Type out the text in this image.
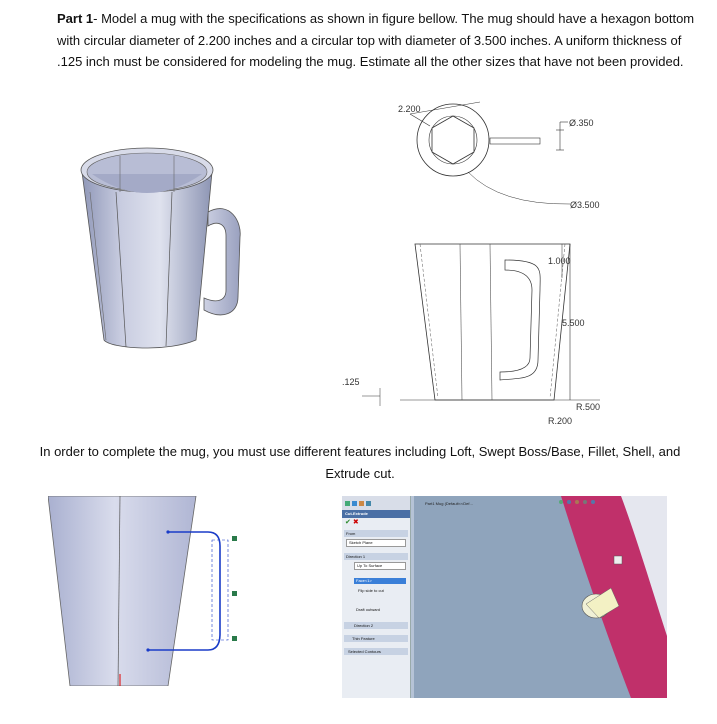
Part 1- Model a mug with the specifications as shown in figure bellow. The mug should have a hexagon bottom with circular diameter of 2.200 inches and a circular top with diameter of 3.500 inches. A uniform thickness of .125 inch must be considered for modeling the mug. Estimate all the other sizes that have not been provided.
2.200
Ø.350
Ø3.500
1.000
5.500
R.500
R.200
.125
In order to complete the mug, you must use different features including Loft, Swept Boss/Base, Fillet, Shell, and Extrude cut.
Cut-Extrude
✔ ✖
From
Sketch Plane
Direction 1
Up To Surface
Face<1>
Flip side to cut
Draft outward
Direction 2
Thin Feature
Selected Contours
Part1 Mug (Default<<Def...
